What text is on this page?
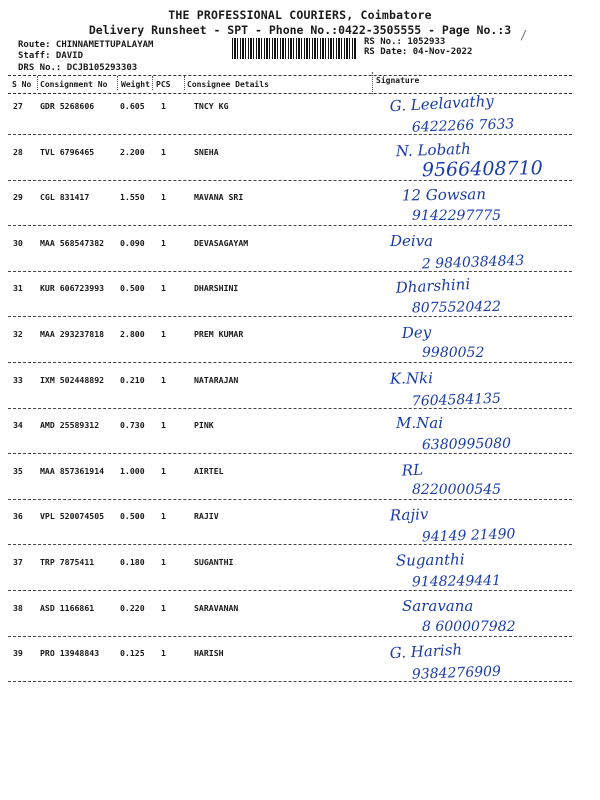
THE PROFESSIONAL COURIERS, Coimbatore
Delivery Runsheet - SPT - Phone No.:0422-3505555 - Page No.:3
Route: CHINNAMETTUPALAYAM
Staff: DAVID
DRS No.: DCJB105293303
RS No.: 1052933
RS Date: 04-Nov-2022
/
S No Consignment No Weight PCS Consignee Details	Signature
27 GDR 5268606	0.605 1	TNCY KG	G. Leelavathy
6422266 7633
28 TVL 6796465	2.200 1	SNEHA	N. Lobath
9566408710
29 CGL 831417	1.550 1	MAVANA SRI	12 Gowsan
9142297775
30 MAA 568547382 0.090 1	DEVASAGAYAM	Deiva
2 9840384843
31 KUR 606723993 0.500 1	DHARSHINI	Dharshini
8075520422
32 MAA 293237818 2.800 1	PREM KUMAR	Dey
9980052
33 IXM 502448892 0.210 1	NATARAJAN	K.Nki
7604584135
34 AMD 25589312	0.730 1	PINK	M.Nai
6380995080
35 MAA 857361914 1.000 1	AIRTEL	RL
8220000545
36 VPL 520074505 0.500 1	RAJIV	Rajiv
94149 21490
37 TRP 7875411	0.180 1	SUGANTHI	Suganthi
9148249441
38 ASD 1166861	0.220 1	SARAVANAN	Saravana
8 600007982
39 PRO 13948843	0.125 1	HARISH	G. Harish
9384276909
